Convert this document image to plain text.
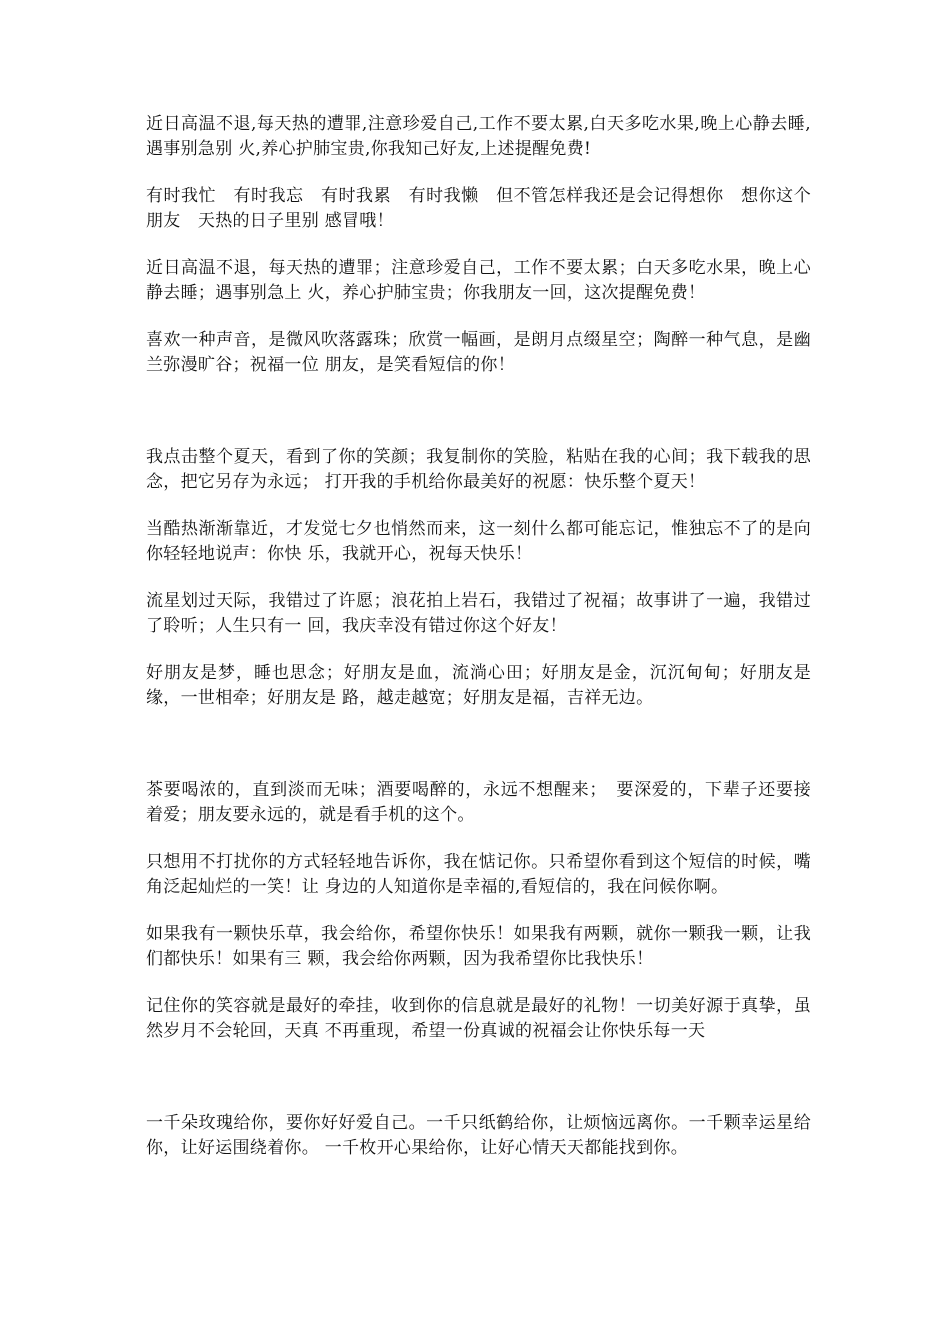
近日高温不退,每天热的遭罪,注意珍爱自己,工作不要太累,白天多吃水果,晚上心静去睡,遇事别急别 火,养心护肺宝贵,你我知己好友,上述提醒免费!

有时我忙　有时我忘　有时我累　有时我懒　但不管怎样我还是会记得想你　想你这个朋友　天热的日子里别 感冒哦！

近日高温不退，每天热的遭罪；注意珍爱自己，工作不要太累；白天多吃水果，晚上心静去睡；遇事别急上 火，养心护肺宝贵；你我朋友一回，这次提醒免费！

喜欢一种声音，是微风吹落露珠；欣赏一幅画，是朗月点缀星空；陶醉一种气息，是幽兰弥漫旷谷；祝福一位 朋友，是笑看短信的你！

我点击整个夏天，看到了你的笑颜；我复制你的笑脸，粘贴在我的心间；我下载我的思念，把它另存为永远； 打开我的手机给你最美好的祝愿：快乐整个夏天！

当酷热渐渐靠近，才发觉七夕也悄然而来，这一刻什么都可能忘记，惟独忘不了的是向你轻轻地说声：你快 乐，我就开心，祝每天快乐！

流星划过天际，我错过了许愿；浪花拍上岩石，我错过了祝福；故事讲了一遍，我错过了聆听；人生只有一 回，我庆幸没有错过你这个好友！

好朋友是梦，睡也思念；好朋友是血，流淌心田；好朋友是金，沉沉甸甸；好朋友是缘，一世相牵；好朋友是 路，越走越宽；好朋友是福，吉祥无边。

茶要喝浓的，直到淡而无味；酒要喝醉的，永远不想醒来；　要深爱的，下辈子还要接着爱；朋友要永远的，就是看手机的这个。

只想用不打扰你的方式轻轻地告诉你，我在惦记你。只希望你看到这个短信的时候，嘴角泛起灿烂的一笑！让 身边的人知道你是幸福的,看短信的，我在问候你啊。

如果我有一颗快乐草，我会给你，希望你快乐！如果我有两颗，就你一颗我一颗，让我们都快乐！如果有三 颗，我会给你两颗，因为我希望你比我快乐！

记住你的笑容就是最好的牵挂，收到你的信息就是最好的礼物！一切美好源于真挚，虽然岁月不会轮回，天真 不再重现，希望一份真诚的祝福会让你快乐每一天

一千朵玫瑰给你，要你好好爱自己。一千只纸鹤给你，让烦恼远离你。一千颗幸运星给你，让好运围绕着你。 一千枚开心果给你，让好心情天天都能找到你。
